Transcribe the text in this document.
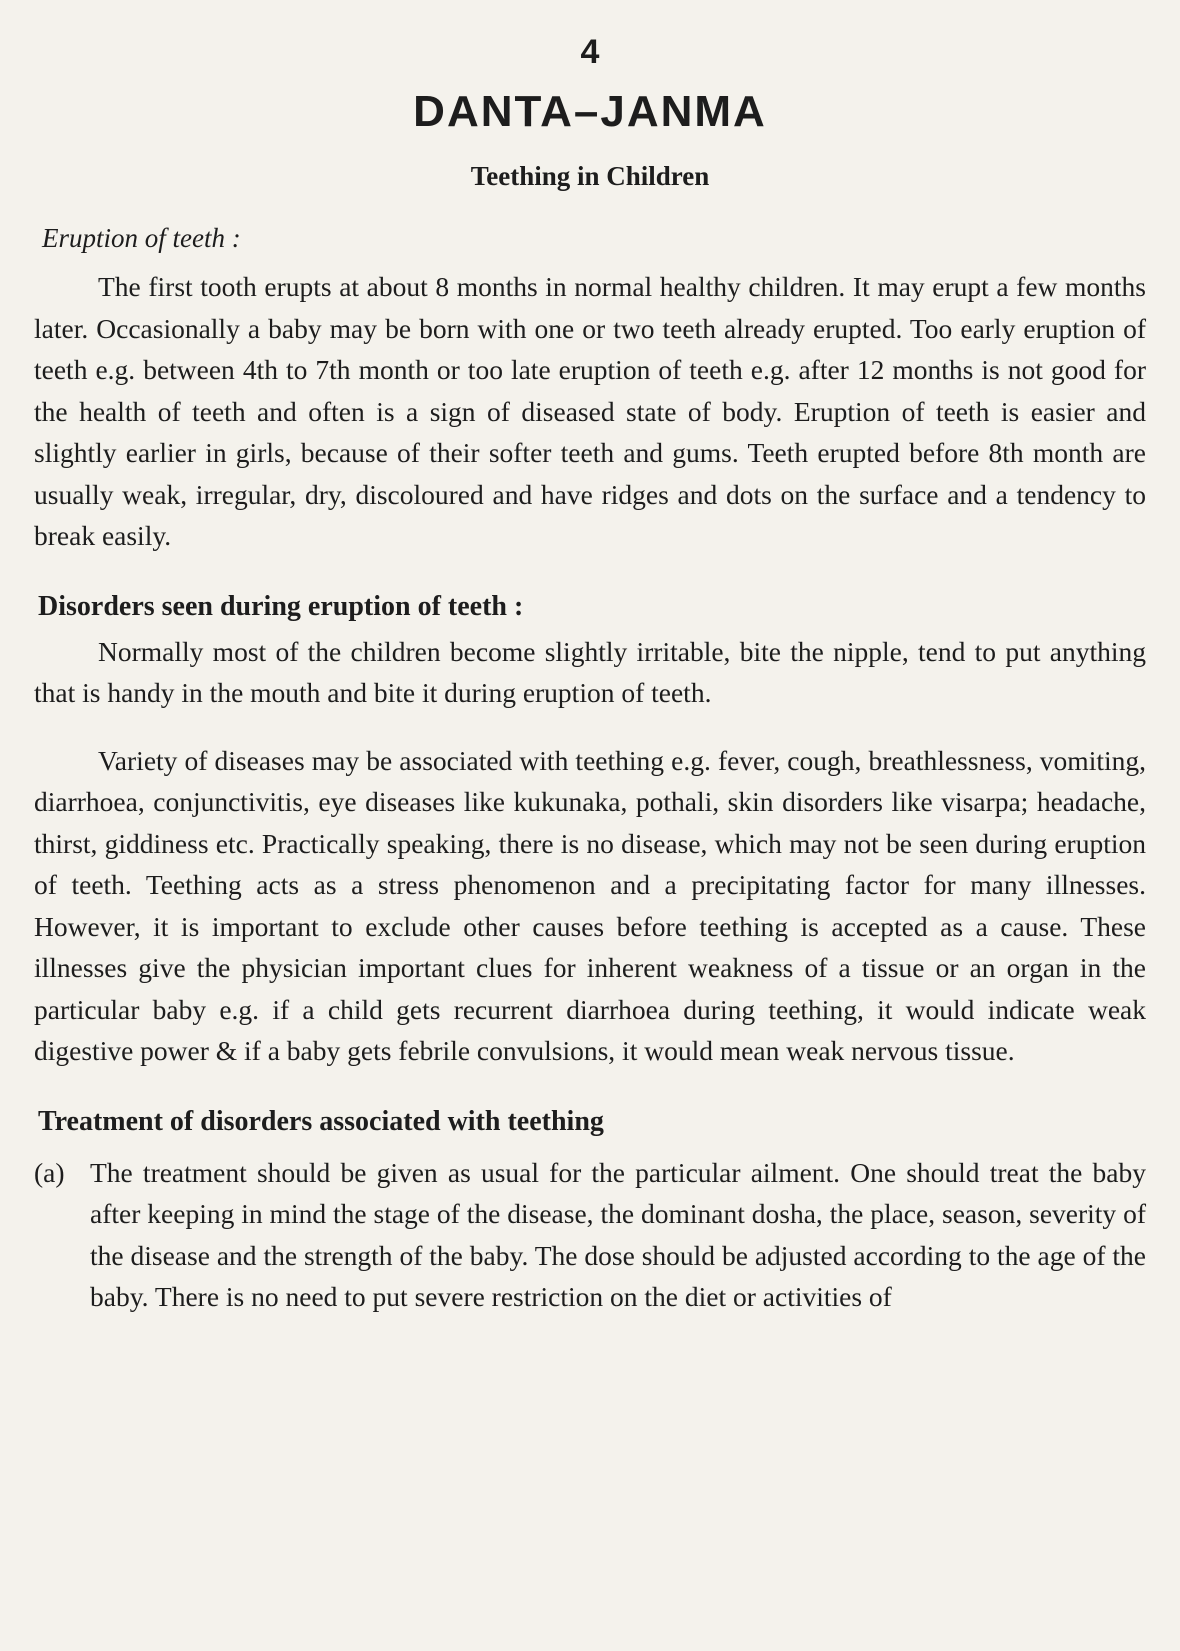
4
DANTA–JANMA
Teething in Children
Eruption of teeth :

The first tooth erupts at about 8 months in normal healthy children. It may erupt a few months later. Occasionally a baby may be born with one or two teeth already erupted. Too early eruption of teeth e.g. between 4th to 7th month or too late eruption of teeth e.g. after 12 months is not good for the health of teeth and often is a sign of diseased state of body. Eruption of teeth is easier and slightly earlier in girls, because of their softer teeth and gums. Teeth erupted before 8th month are usually weak, irregular, dry, discoloured and have ridges and dots on the surface and a tendency to break easily.

Disorders seen during eruption of teeth :

Normally most of the children become slightly irritable, bite the nipple, tend to put anything that is handy in the mouth and bite it during eruption of teeth.

Variety of diseases may be associated with teething e.g. fever, cough, breathlessness, vomiting, diarrhoea, conjunctivitis, eye diseases like kukunaka, pothali, skin disorders like visarpa; headache, thirst, giddiness etc. Practically speaking, there is no disease, which may not be seen during eruption of teeth. Teething acts as a stress phenomenon and a precipitating factor for many illnesses. However, it is important to exclude other causes before teething is accepted as a cause. These illnesses give the physician important clues for inherent weakness of a tissue or an organ in the particular baby e.g. if a child gets recurrent diarrhoea during teething, it would indicate weak digestive power & if a baby gets febrile convulsions, it would mean weak nervous tissue.

Treatment of disorders associated with teething
(a) The treatment should be given as usual for the particular ailment. One should treat the baby after keeping in mind the stage of the disease, the dominant dosha, the place, season, severity of the disease and the strength of the baby. The dose should be adjusted according to the age of the baby. There is no need to put severe restriction on the diet or activities of
